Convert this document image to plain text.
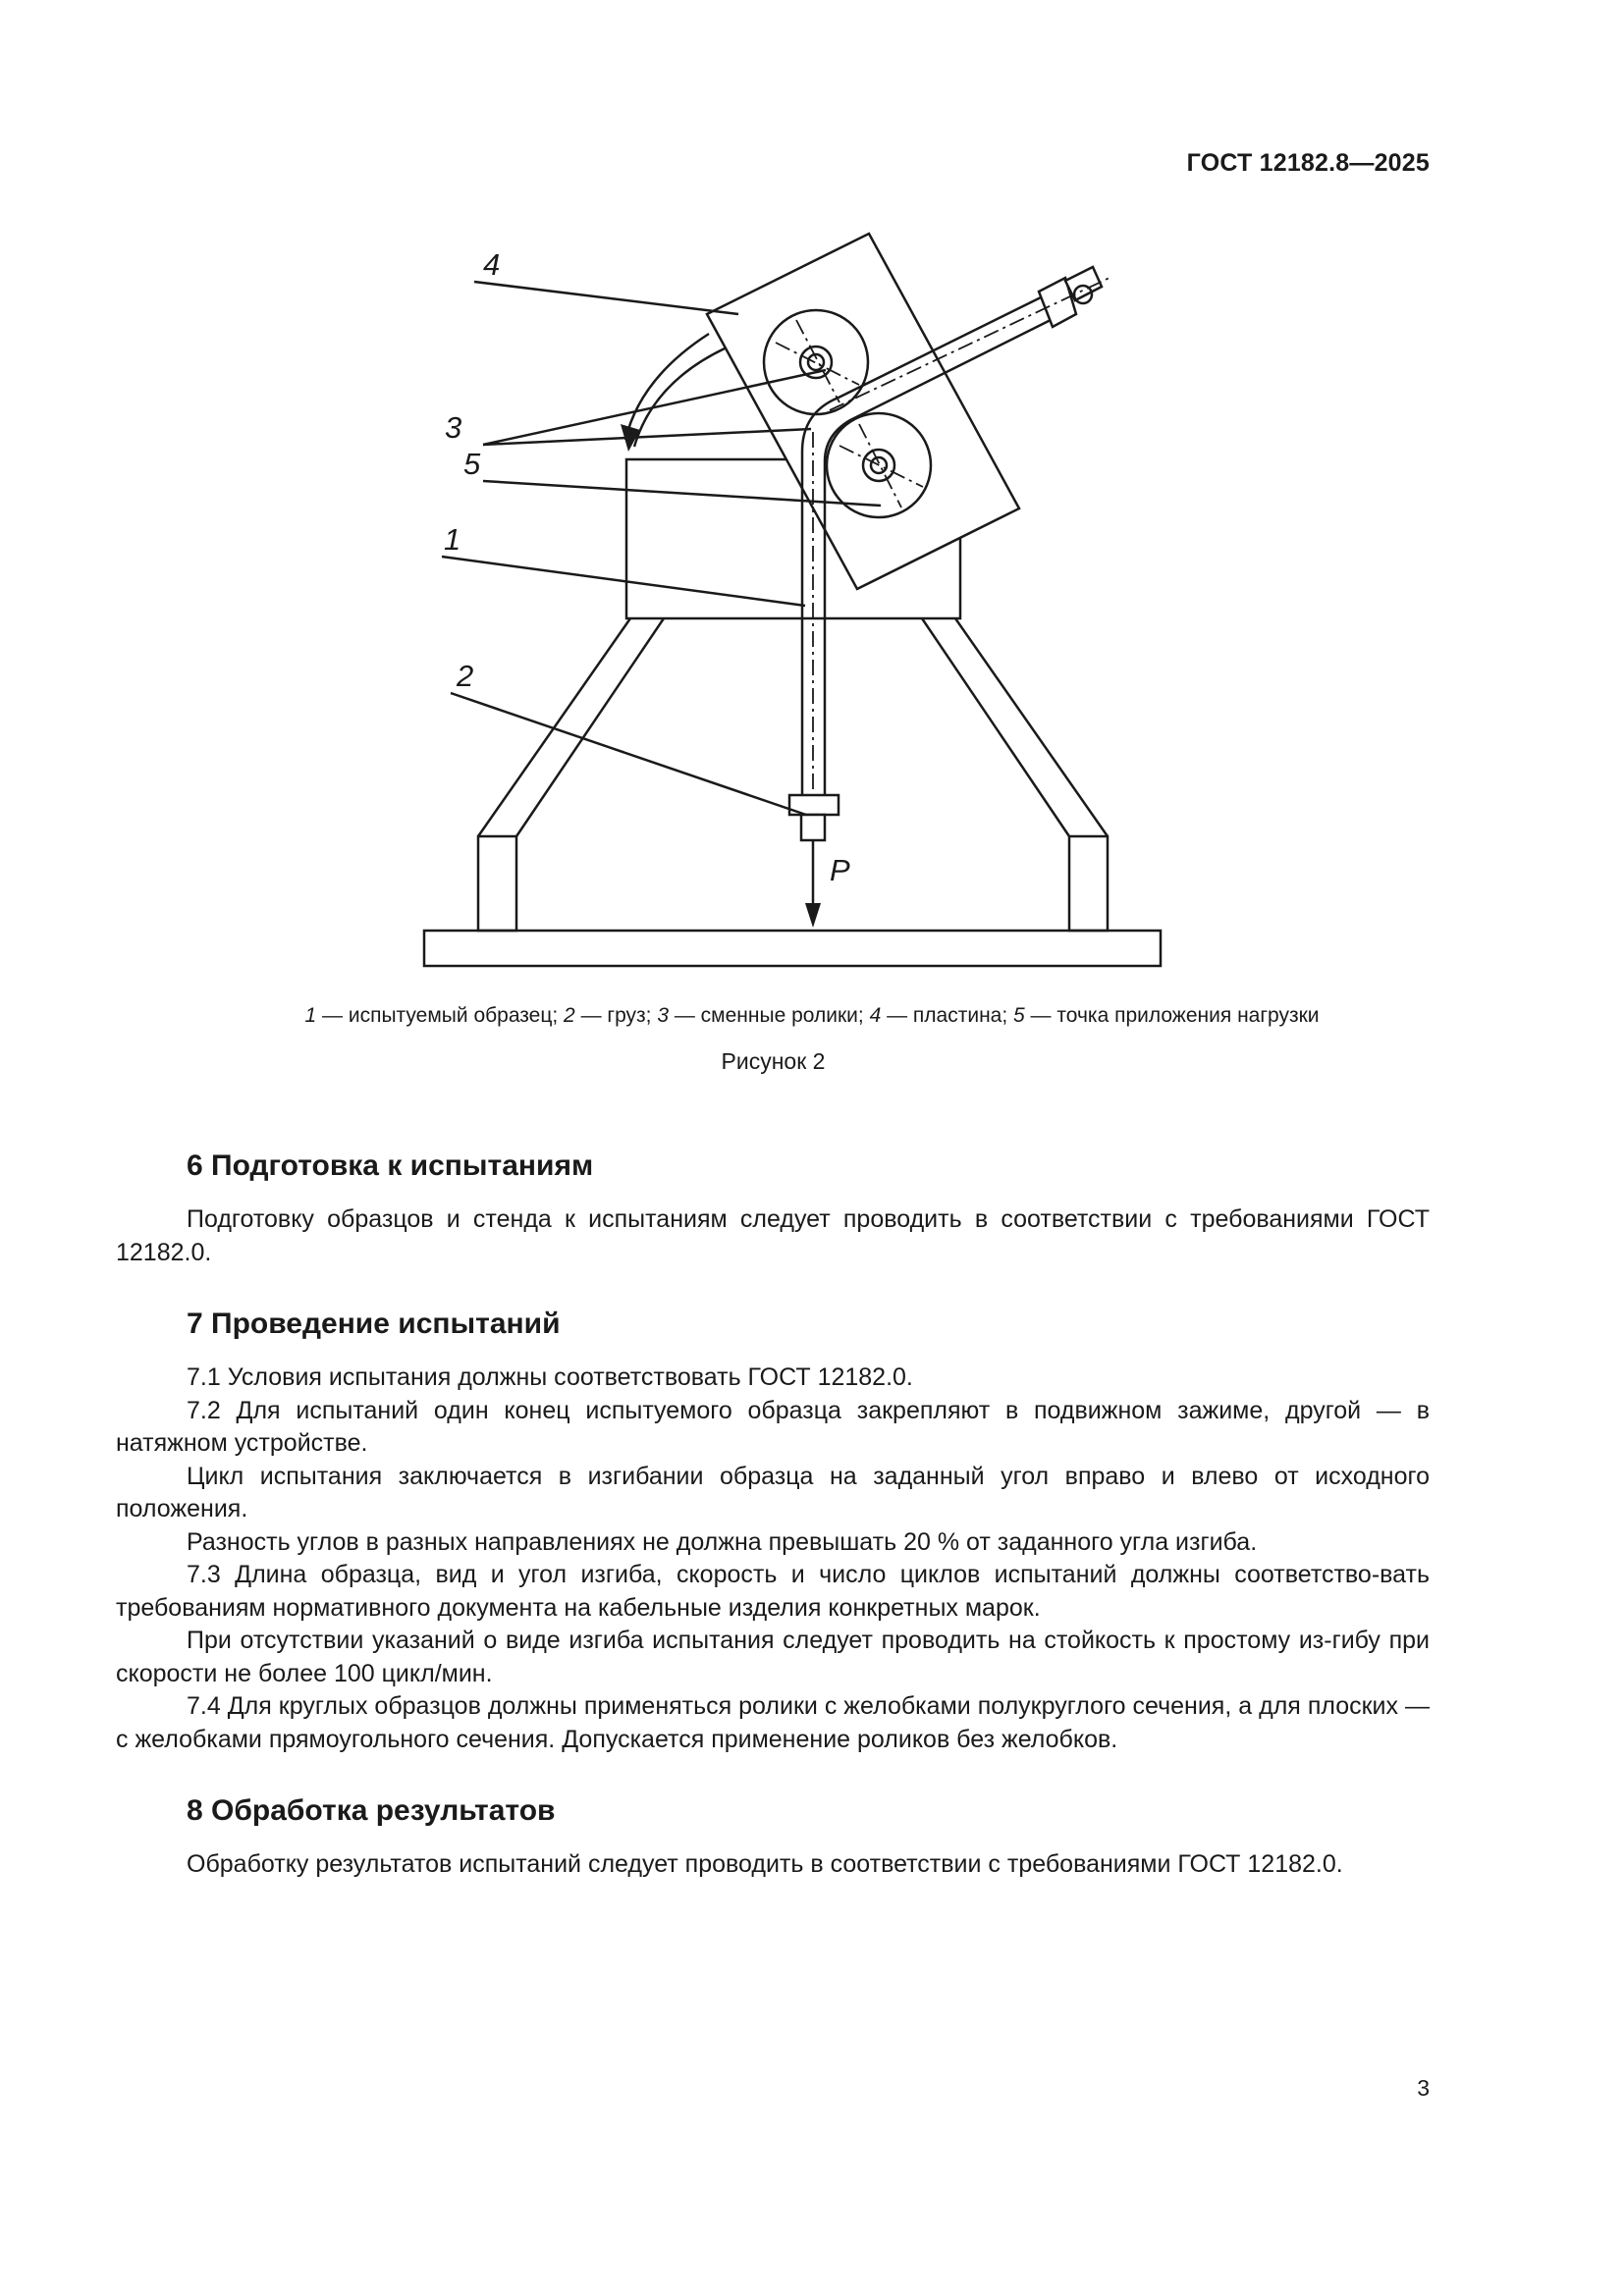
ГОСТ 12182.8—2025
4
3
5
1
2
P
1 — испытуемый образец; 2 — груз; 3 — сменные ролики; 4 — пластина; 5 — точка приложения нагрузки
Рисунок 2
6 Подготовка к испытаниям

Подготовку образцов и стенда к испытаниям следует проводить в соответствии с требованиями ГОСТ 12182.0.

7 Проведение испытаний

7.1 Условия испытания должны соответствовать ГОСТ 12182.0.

7.2 Для испытаний один конец испытуемого образца закрепляют в подвижном зажиме, другой — в натяжном устройстве.

Цикл испытания заключается в изгибании образца на заданный угол вправо и влево от исходного положения.

Разность углов в разных направлениях не должна превышать 20 % от заданного угла изгиба.

7.3 Длина образца, вид и угол изгиба, скорость и число циклов испытаний должны соответство-вать требованиям нормативного документа на кабельные изделия конкретных марок.

При отсутствии указаний о виде изгиба испытания следует проводить на стойкость к простому из-гибу при скорости не более 100 цикл/мин.

7.4 Для круглых образцов должны применяться ролики с желобками полукруглого сечения, а для плоских — с желобками прямоугольного сечения. Допускается применение роликов без желобков.

8 Обработка результатов

Обработку результатов испытаний следует проводить в соответствии с требованиями ГОСТ 12182.0.

3
